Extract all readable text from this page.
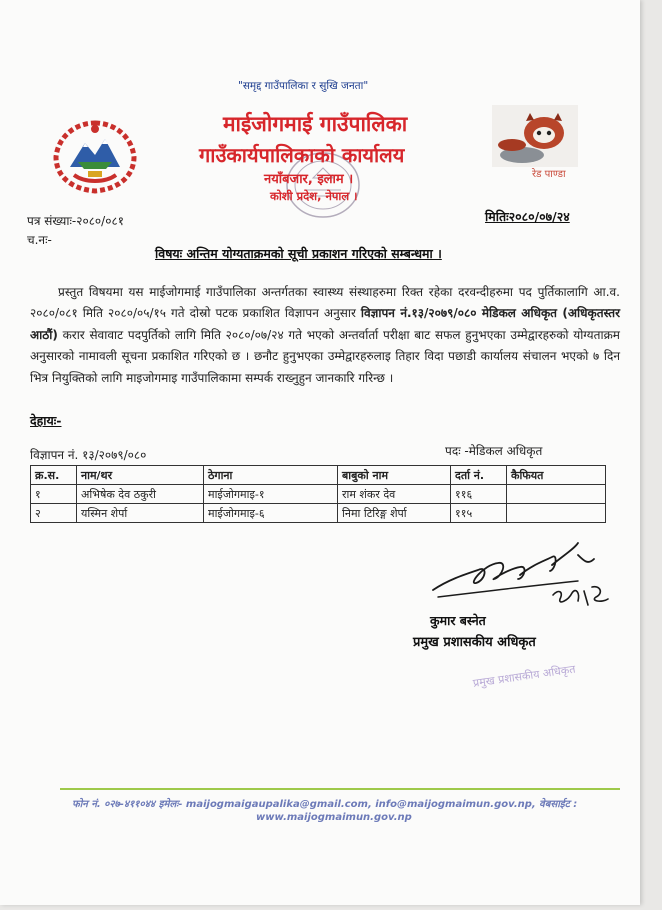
रेड पाण्डा
"समृद्द गाउँपालिका र सुखि जनता"
माईजोगमाई गाउँपालिका
गाउँकार्यपालिकाको कार्यालय
नयाँबजार, इलाम ।
कोशी प्रदेश, नेपाल ।
पत्र संख्याः-२०८०/०८१
च.नः-
मितिः२०८०/०७/२४
विषयः अन्तिम योग्यताक्रमको सूची प्रकाशन गरिएको सम्बन्धमा ।

प्रस्तुत विषयमा यस माईजोगमाई गाउँपालिका अन्तर्गतका स्वास्थ्य संस्थाहरुमा रिक्त रहेका दरवन्दीहरुमा पद पुर्तिकालागि आ.व. २०८०/०८१ मिति २०८०/०५/१५ गते दोस्रो पटक प्रकाशित विज्ञापन अनुसार विज्ञापन नं.१३/२०७९/०८० मेडिकल अधिकृत (अधिकृतस्तर आठौं) करार सेवावाट पदपुर्तिको लागि मिति २०८०/०७/२४ गते भएको अन्तर्वार्ता परीक्षा बाट सफल हुनुभएका उम्मेद्वारहरुको योग्यताक्रम अनुसारको नामावली सूचना प्रकाशित गरिएको छ । छनौट हुनुभएका उम्मेद्वारहरुलाइ तिहार विदा पछाडी कार्यालय संचालन भएको ७ दिन भित्र नियुक्तिको लागि माइजोगमाइ गाउँपालिकामा सम्पर्क राख्नुहुन जानकारि गरिन्छ ।

देहायः-
विज्ञापन नं. १३/२०७९/०८०	पदः -मेडिकल अधिकृत
क्र.स.	नाम/थर	ठेगाना	बाबुको नाम	दर्ता नं.	कैफियत
१	अभिषेक देव ठकुरी	माईजोगमाइ-१	राम शंकर देव	११६	
२	यस्मिन शेर्पा	माईजोगमाइ-६	निमा टिरिङ्ग शेर्पा	११५	
कुमार बस्नेत
प्रमुख प्रशासकीय अधिकृत
प्रमुख प्रशासकीय अधिकृत
फोन नं. ०२७-४११०४४ इमेलः- maijogmaigaupalika@gmail.com, info@maijogmaimun.gov.np, वेबसाईट :
www.maijogmaimun.gov.np
